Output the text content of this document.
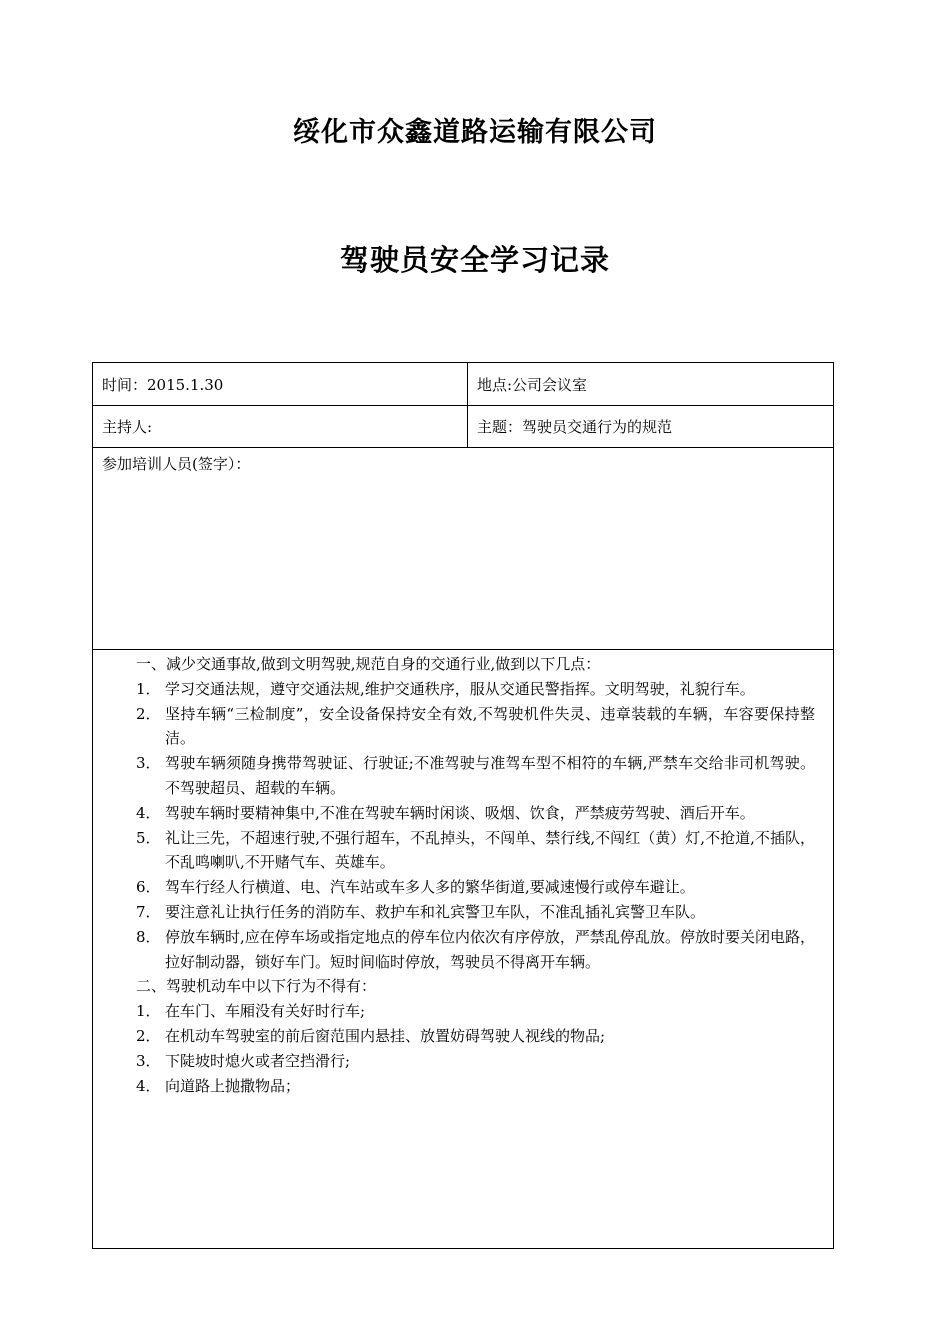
绥化市众鑫道路运输有限公司
驾驶员安全学习记录
时间：2015.1.30	地点:公司会议室
主持人:	主题：驾驶员交通行为的规范
参加培训人员(签字）：

一、减少交通事故,做到文明驾驶,规范自身的交通行业,做到以下几点：

1． 学习交通法规，遵守交通法规,维护交通秩序，服从交通民警指挥。文明驾驶，礼貌行车。
2． 坚持车辆“三检制度”，安全设备保持安全有效,不驾驶机件失灵、违章装载的车辆，车容要保持整洁。
3． 驾驶车辆须随身携带驾驶证、行驶证;不准驾驶与准驾车型不相符的车辆,严禁车交给非司机驾驶。不驾驶超员、超载的车辆。
4． 驾驶车辆时要精神集中,不准在驾驶车辆时闲谈、吸烟、饮食，严禁疲劳驾驶、酒后开车。
5． 礼让三先，不超速行驶,不强行超车，不乱掉头，不闯单、禁行线,不闯红（黄）灯,不抢道,不插队，不乱鸣喇叭,不开赌气车、英雄车。
6． 驾车行经人行横道、电、汽车站或车多人多的繁华街道,要减速慢行或停车避让。
7． 要注意礼让执行任务的消防车、救护车和礼宾警卫车队，不准乱插礼宾警卫车队。
8． 停放车辆时,应在停车场或指定地点的停车位内依次有序停放，严禁乱停乱放。停放时要关闭电路，拉好制动器，锁好车门。短时间临时停放，驾驶员不得离开车辆。

二、驾驶机动车中以下行为不得有：

1． 在车门、车厢没有关好时行车;
2． 在机动车驾驶室的前后窗范围内悬挂、放置妨碍驾驶人视线的物品;
3． 下陡坡时熄火或者空挡滑行;
4． 向道路上抛撒物品；
